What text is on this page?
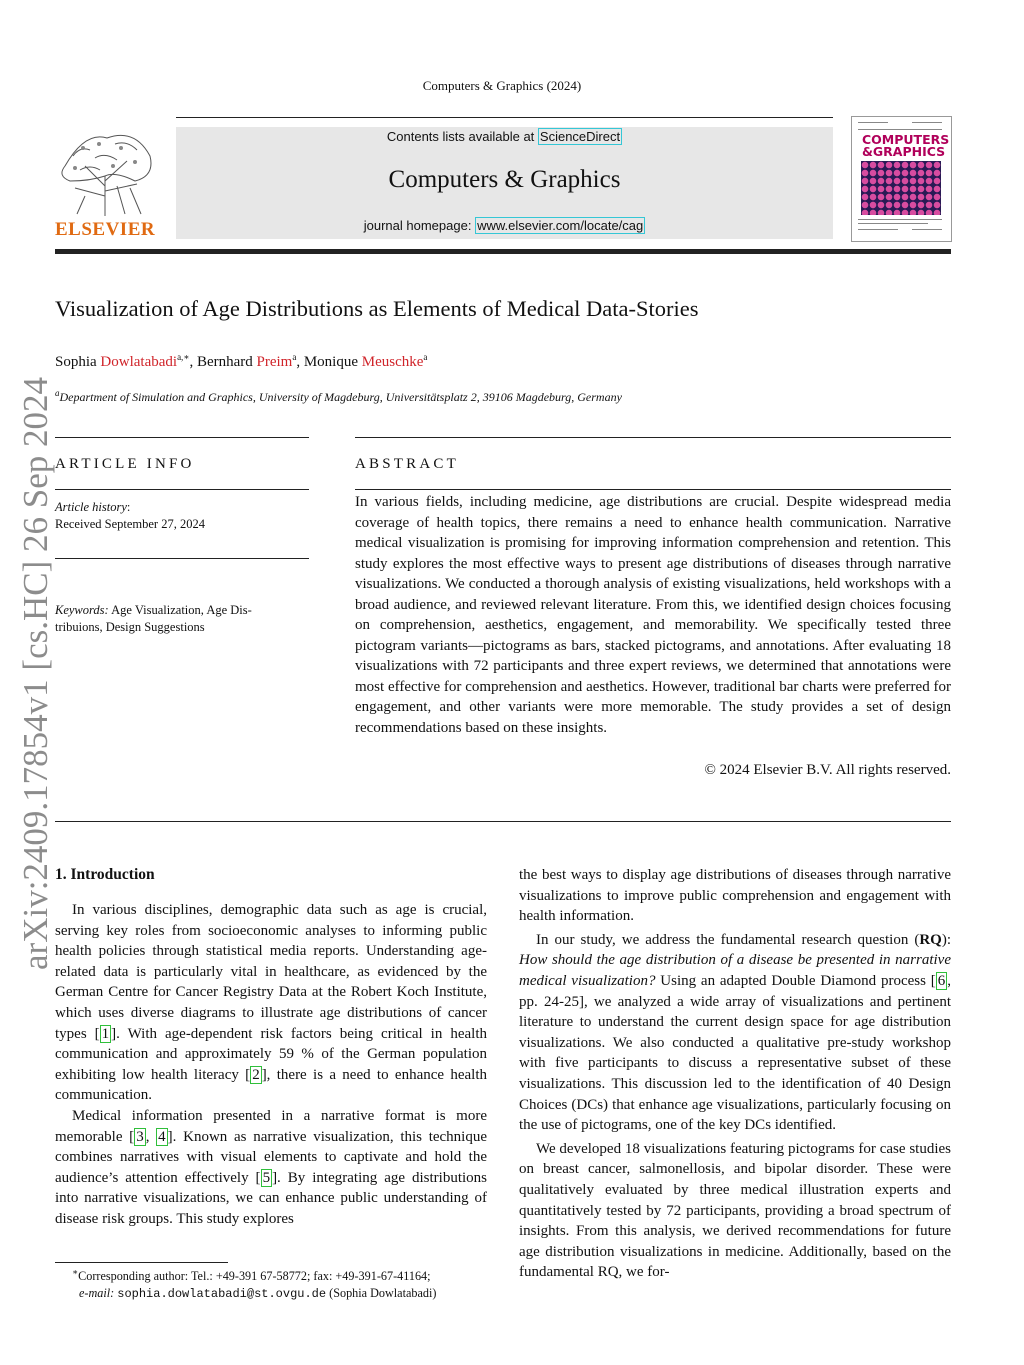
Computers & Graphics (2024)
ELSEVIER
Contents lists available at ScienceDirect
Computers & Graphics
journal homepage: www.elsevier.com/locate/cag
COMPUTERS
&GRAPHICS
Visualization of Age Distributions as Elements of Medical Data-Stories
Sophia Dowlatabadi$^{a,∗}$, Bernhard Preim$^a$, Monique Meuschke$^a$
$^a$Department of Simulation and Graphics, University of Magdeburg, Universitätsplatz 2, 39106 Magdeburg, Germany
arXiv:2409.17854v1 [cs.HC] 26 Sep 2024 ARTICLE INFO
Article history:
Received September 27, 2024
Keywords: Age Visualization, Age Dis-
tribuions, Design Suggestions
ABSTRACT
In various fields, including medicine, age distributions are crucial. Despite widespread media coverage of health topics, there remains a need to enhance health communication. Narrative medical visualization is promising for improving information comprehension and retention. This study explores the most effective ways to present age distributions of diseases through narrative visualizations. We conducted a thorough analysis of existing visualizations, held workshops with a broad audience, and reviewed relevant literature. From this, we identified design choices focusing on comprehension, aesthetics, engagement, and memorability. We specifically tested three pictogram variants—pictograms as bars, stacked pictograms, and annotations. After evaluating 18 visualizations with 72 participants and three expert reviews, we determined that annotations were most effective for comprehension and aesthetics. However, traditional bar charts were preferred for engagement, and other variants were more memorable. The study provides a set of design recommendations based on these insights.
© 2024 Elsevier B.V. All rights reserved.
1. Introduction

In various disciplines, demographic data such as age is crucial, serving key roles from socioeconomic analyses to informing public health policies through statistical media reports. Understanding age-related data is particularly vital in healthcare, as evidenced by the German Centre for Cancer Registry Data at the Robert Koch Institute, which uses diverse diagrams to illustrate age distributions of cancer types [ 1 ]. With age-dependent risk factors being critical in health communication and approximately 59 % of the German population exhibiting low health literacy [ 2 ], there is a need to enhance health communication.

Medical information presented in a narrative format is more memorable [ 3 , 4 ]. Known as narrative visualization, this technique combines narratives with visual elements to captivate and hold the audience’s attention effectively [ 5 ]. By integrating age distributions into narrative visualizations, we can enhance public understanding of disease risk groups. This study explores

the best ways to display age distributions of diseases through narrative visualizations to improve public comprehension and engagement with health information.

In our study, we address the fundamental research question (RQ): How should the age distribution of a disease be presented in narrative medical visualization? Using an adapted Double Diamond process [ 6 , pp. 24-25], we analyzed a wide array of visualizations and pertinent literature to understand the current design space for age distribution visualizations. We also conducted a qualitative pre-study workshop with five participants to discuss a representative subset of these visualizations. This discussion led to the identification of 40 Design Choices (DCs) that enhance age visualizations, particularly focusing on the use of pictograms, one of the key DCs identified.

We developed 18 visualizations featuring pictograms for case studies on breast cancer, salmonellosis, and bipolar disorder. These were qualitatively evaluated by three medical illustration experts and quantitatively tested by 72 participants, providing a broad spectrum of insights. From this analysis, we derived recommendations for future age distribution visualizations in medicine. Additionally, based on the fundamental RQ, we for-

∗Corresponding author: Tel.: +49-391 67-58772; fax: +49-391-67-41164;
e-mail: sophia.dowlatabadi@st.ovgu.de (Sophia Dowlatabadi)
